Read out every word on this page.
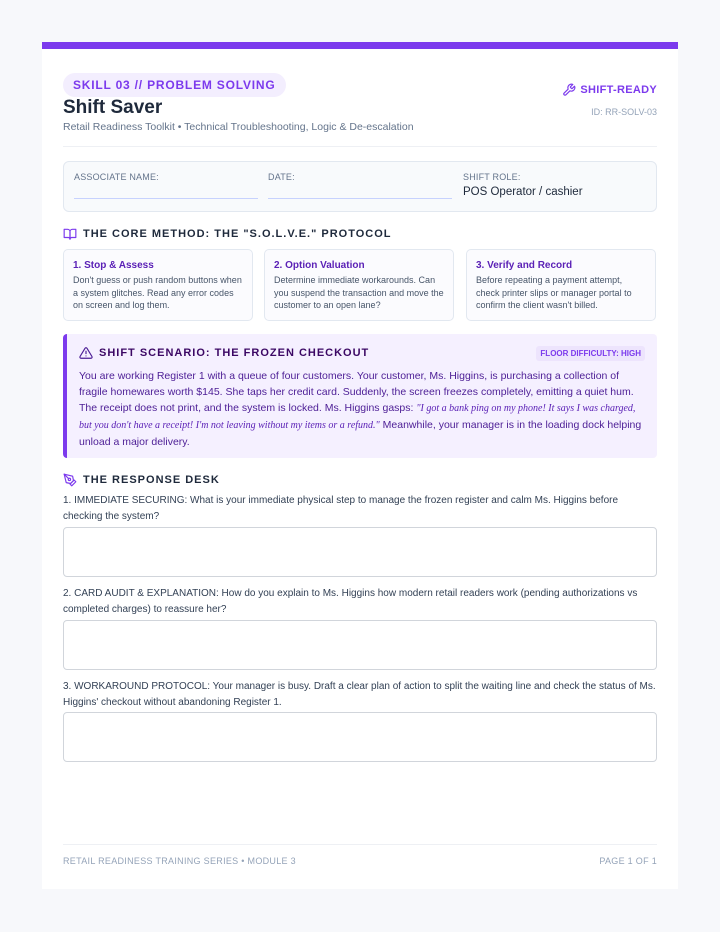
SKILL 03 // PROBLEM SOLVING
Shift Saver
Retail Readiness Toolkit • Technical Troubleshooting, Logic & De-escalation
SHIFT-READY
ID: RR-SOLV-03
ASSOCIATE NAME:	DATE:	SHIFT ROLE:
POS Operator / cashier
THE CORE METHOD: THE "S.O.L.V.E." PROTOCOL
1. Stop & Assess
Don't guess or push random buttons when a system glitches. Read any error codes on screen and log them.
2. Option Valuation
Determine immediate workarounds. Can you suspend the transaction and move the customer to an open lane?
3. Verify and Record
Before repeating a payment attempt, check printer slips or manager portal to confirm the client wasn't billed.
SHIFT SCENARIO: THE FROZEN CHECKOUT	FLOOR DIFFICULTY: HIGH
You are working Register 1 with a queue of four customers. Your customer, Ms. Higgins, is purchasing a collection of fragile homewares worth $145. She taps her credit card. Suddenly, the screen freezes completely, emitting a quiet hum. The receipt does not print, and the system is locked. Ms. Higgins gasps: "I got a bank ping on my phone! It says I was charged, but you don't have a receipt! I'm not leaving without my items or a refund." Meanwhile, your manager is in the loading dock helping unload a major delivery.
THE RESPONSE DESK
1. IMMEDIATE SECURING: What is your immediate physical step to manage the frozen register and calm Ms. Higgins before checking the system?
2. CARD AUDIT & EXPLANATION: How do you explain to Ms. Higgins how modern retail readers work (pending authorizations vs completed charges) to reassure her?
3. WORKAROUND PROTOCOL: Your manager is busy. Draft a clear plan of action to split the waiting line and check the status of Ms. Higgins' checkout without abandoning Register 1.
RETAIL READINESS TRAINING SERIES • MODULE 3	PAGE 1 OF 1
